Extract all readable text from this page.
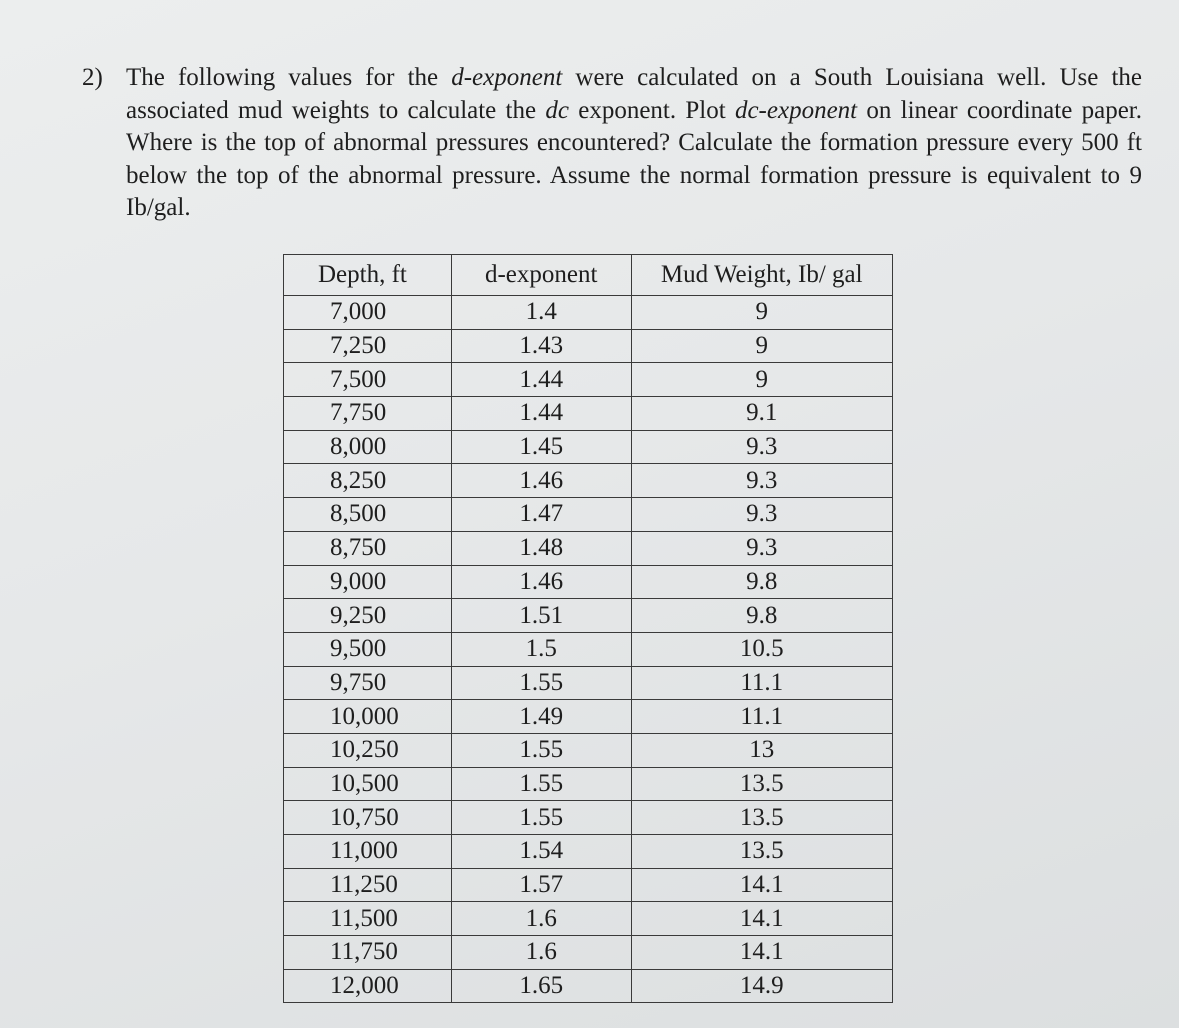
2) The following values for the d-exponent were calculated on a South Louisiana well. Use the associated mud weights to calculate the dc exponent. Plot dc-exponent on linear coordinate paper. Where is the top of abnormal pressures encountered? Calculate the formation pressure every 500 ft below the top of the abnormal pressure. Assume the normal formation pressure is equivalent to 9 Ib/gal.
Depth, ft	d-exponent	Mud Weight, Ib/ gal
7,000	1.4	9
7,250	1.43	9
7,500	1.44	9
7,750	1.44	9.1
8,000	1.45	9.3
8,250	1.46	9.3
8,500	1.47	9.3
8,750	1.48	9.3
9,000	1.46	9.8
9,250	1.51	9.8
9,500	1.5	10.5
9,750	1.55	11.1
10,000	1.49	11.1
10,250	1.55	13
10,500	1.55	13.5
10,750	1.55	13.5
11,000	1.54	13.5
11,250	1.57	14.1
11,500	1.6	14.1
11,750	1.6	14.1
12,000	1.65	14.9
